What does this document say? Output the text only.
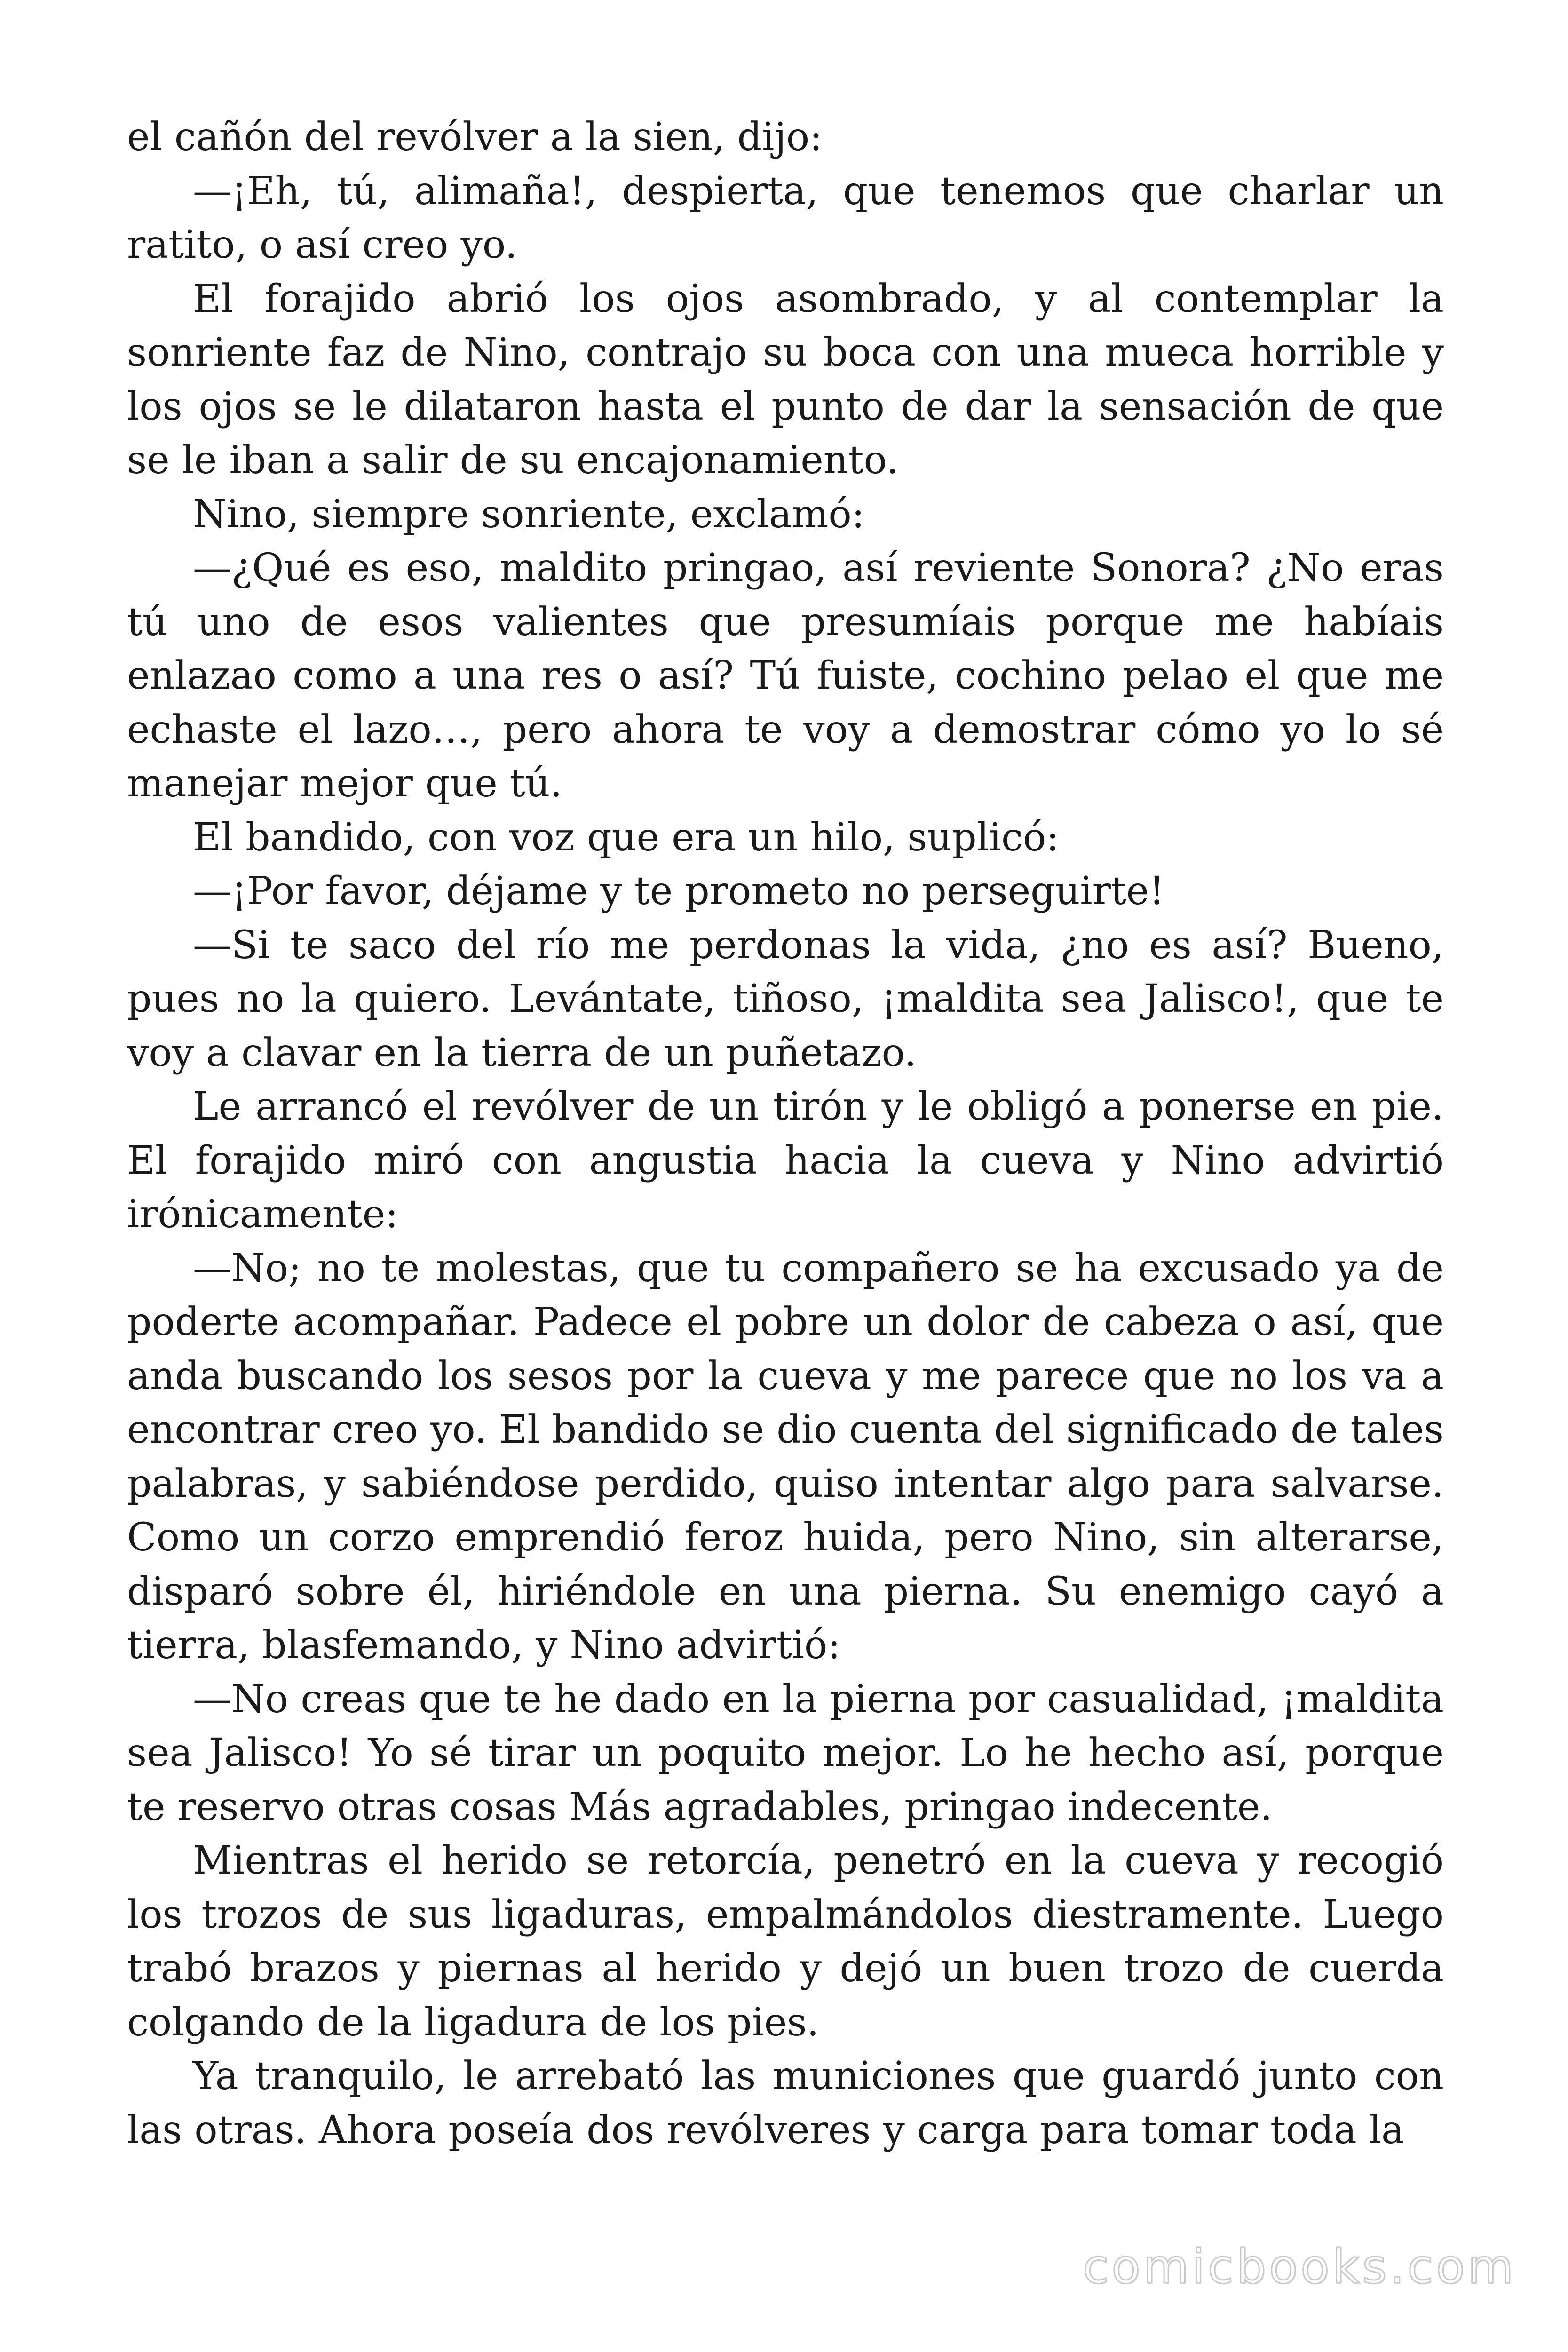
el cañón del revólver a la sien, dijo:

—¡Eh, tú, alimaña!, despierta, que tenemos que charlar un ratito, o así creo yo.

El forajido abrió los ojos asombrado, y al contemplar la sonriente faz de Nino, contrajo su boca con una mueca horrible y los ojos se le dilataron hasta el punto de dar la sensación de que se le iban a salir de su encajonamiento.

Nino, siempre sonriente, exclamó:

—¿Qué es eso, maldito pringao, así reviente Sonora? ¿No eras tú uno de esos valientes que presumíais porque me habíais enlazao como a una res o así? Tú fuiste, cochino pelao el que me echaste el lazo…, pero ahora te voy a demostrar cómo yo lo sé manejar mejor que tú.

El bandido, con voz que era un hilo, suplicó:

—¡Por favor, déjame y te prometo no perseguirte!

—Si te saco del río me perdonas la vida, ¿no es así? Bueno, pues no la quiero. Levántate, tiñoso, ¡maldita sea Jalisco!, que te voy a clavar en la tierra de un puñetazo.

Le arrancó el revólver de un tirón y le obligó a ponerse en pie. El forajido miró con angustia hacia la cueva y Nino advirtió irónicamente:

—No; no te molestas, que tu compañero se ha excusado ya de poderte acompañar. Padece el pobre un dolor de cabeza o así, que anda buscando los sesos por la cueva y me parece que no los va a encontrar creo yo. El bandido se dio cuenta del significado de tales palabras, y sabiéndose perdido, quiso intentar algo para salvarse. Como un corzo emprendió feroz huida, pero Nino, sin alterarse, disparó sobre él, hiriéndole en una pierna. Su enemigo cayó a tierra, blasfemando, y Nino advirtió:

—No creas que te he dado en la pierna por casualidad, ¡maldita sea Jalisco! Yo sé tirar un poquito mejor. Lo he hecho así, porque te reservo otras cosas Más agradables, pringao indecente.

Mientras el herido se retorcía, penetró en la cueva y recogió los trozos de sus ligaduras, empalmándolos diestramente. Luego trabó brazos y piernas al herido y dejó un buen trozo de cuerda colgando de la ligadura de los pies.

Ya tranquilo, le arrebató las municiones que guardó junto con las otras. Ahora poseía dos revólveres y carga para tomar toda la

comicbooks.com
